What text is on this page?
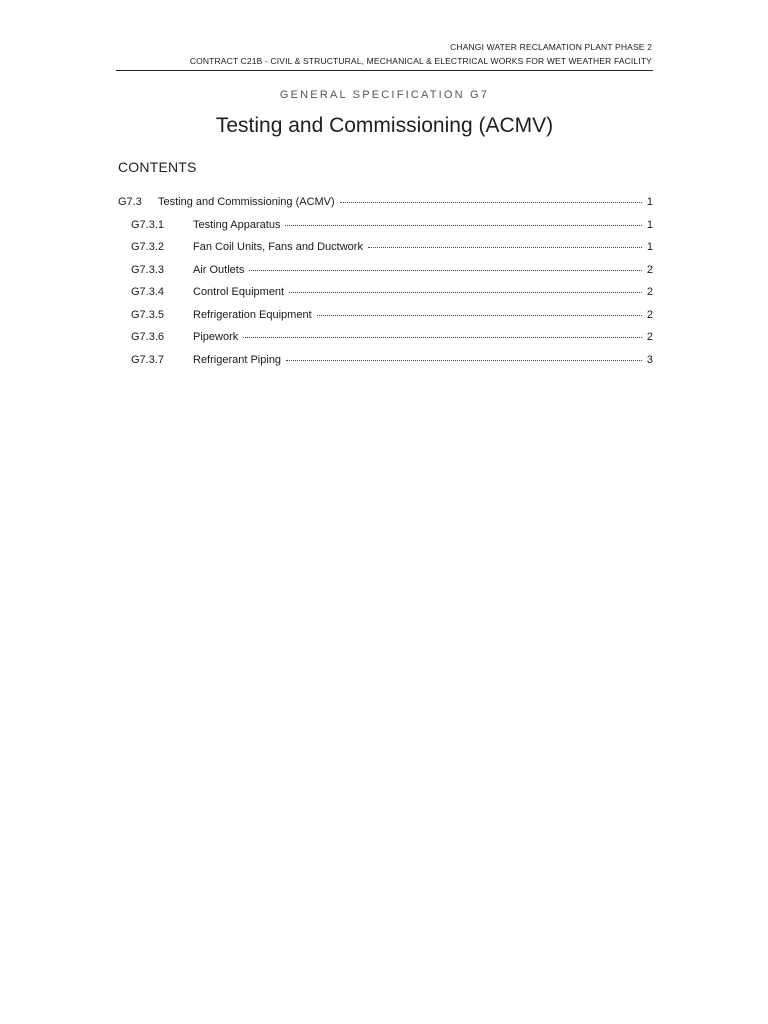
CHANGI WATER RECLAMATION PLANT PHASE 2
CONTRACT C21B - CIVIL & STRUCTURAL, MECHANICAL & ELECTRICAL WORKS FOR WET WEATHER FACILITY
GENERAL SPECIFICATION G7
Testing and Commissioning (ACMV)
CONTENTS
G7.3	Testing and Commissioning (ACMV)	1
G7.3.1	Testing Apparatus	1
G7.3.2	Fan Coil Units, Fans and Ductwork	1
G7.3.3	Air Outlets	2
G7.3.4	Control Equipment	2
G7.3.5	Refrigeration Equipment	2
G7.3.6	Pipework	2
G7.3.7	Refrigerant Piping	3
